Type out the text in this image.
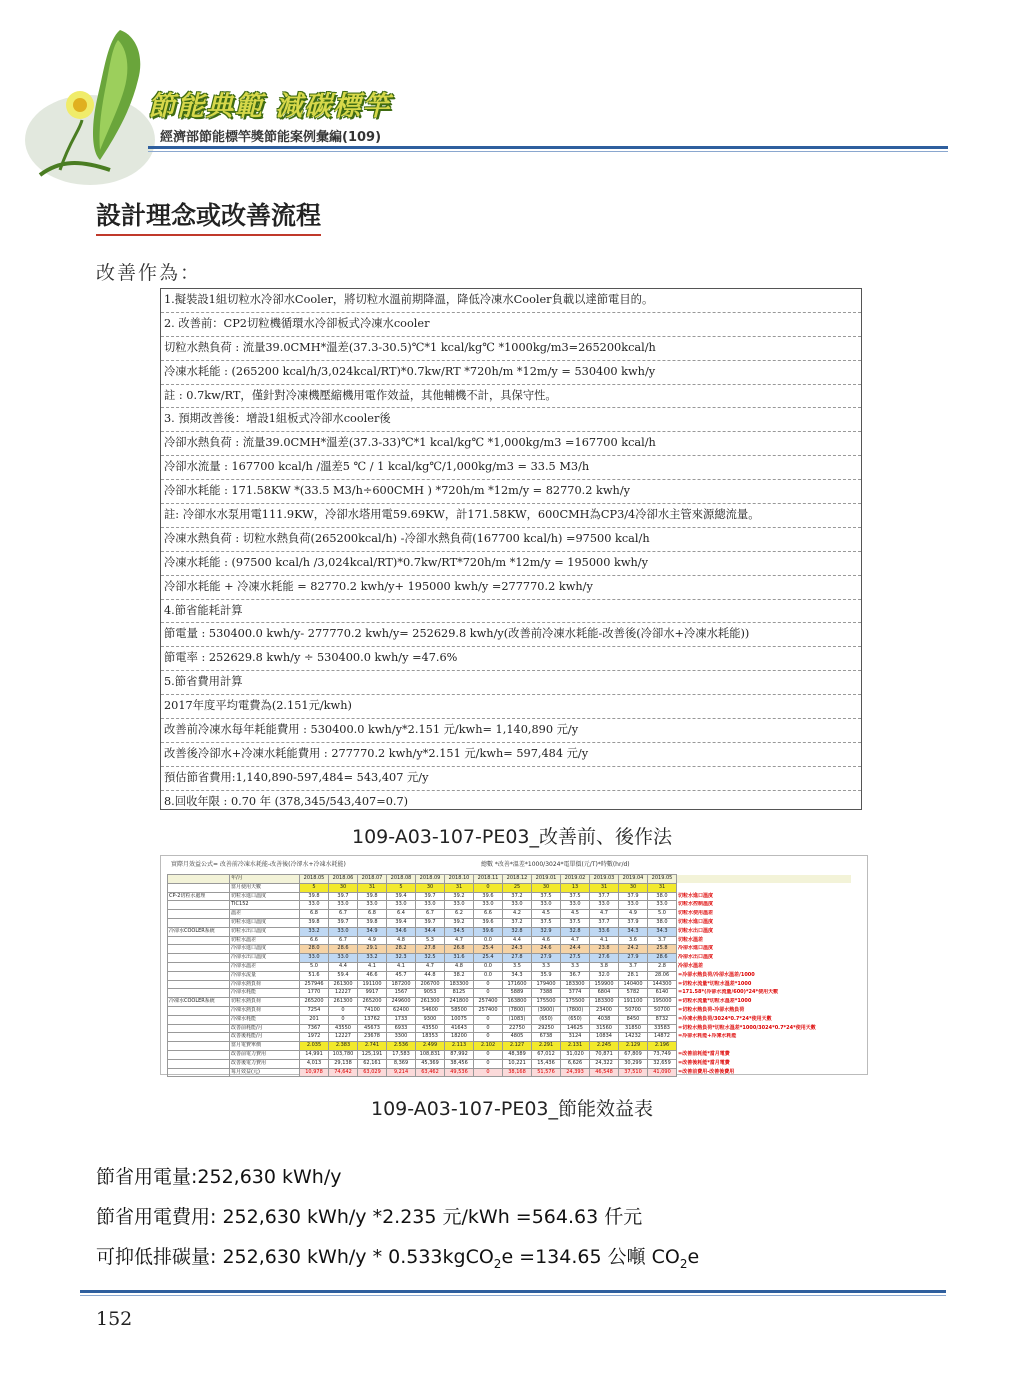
節能典範 減碳標竿
經濟部節能標竿獎節能案例彙編(109)
設計理念或改善流程
改善作為：
1.擬裝設1組切粒水冷卻水Cooler，將切粒水溫前期降溫，降低冷凍水Cooler負載以達節電目的。
2. 改善前：CP2切粒機循環水冷卻板式冷凍水cooler
切粒水熱負荷 : 流量39.0CMH*溫差(37.3-30.5)℃*1 kcal/kg℃ *1000kg/m3=265200kcal/h
冷凍水耗能 : (265200 kcal/h/3,024kcal/RT)*0.7kw/RT *720h/m *12m/y = 530400 kwh/y
註 : 0.7kw/RT，僅針對冷凍機壓縮機用電作效益，其他輔機不計，具保守性。
3. 預期改善後：增設1組板式冷卻水cooler後
冷卻水熱負荷 : 流量39.0CMH*溫差(37.3-33)℃*1 kcal/kg℃ *1,000kg/m3 =167700 kcal/h
冷卻水流量 : 167700 kcal/h /溫差5 ℃ / 1 kcal/kg℃/1,000kg/m3 = 33.5 M3/h
冷卻水耗能 : 171.58KW *(33.5 M3/h÷600CMH ) *720h/m *12m/y = 82770.2 kwh/y
註: 冷卻水水泵用電111.9KW，冷卻水塔用電59.69KW，計171.58KW，600CMH為CP3/4冷卻水主管來源總流量。
冷凍水熱負荷 : 切粒水熱負荷(265200kcal/h) -冷卻水熱負荷(167700 kcal/h) =97500 kcal/h
冷凍水耗能 : (97500 kcal/h /3,024kcal/RT)*0.7kw/RT*720h/m *12m/y = 195000 kwh/y
冷卻水耗能 + 冷凍水耗能 = 82770.2 kwh/y+ 195000 kwh/y =277770.2 kwh/y
4.節省能耗計算
節電量 : 530400.0 kwh/y- 277770.2 kwh/y= 252629.8 kwh/y(改善前冷凍水耗能-改善後(冷卻水+冷凍水耗能))
節電率 : 252629.8 kwh/y ÷ 530400.0 kwh/y =47.6%
5.節省費用計算
2017年度平均電費為(2.151元/kwh)
改善前冷凍水每年耗能費用 : 530400.0 kwh/y*2.151 元/kwh= 1,140,890 元/y
改善後冷卻水+冷凍水耗能費用 : 277770.2 kwh/y*2.151 元/kwh= 597,484 元/y
預估節省費用:1,140,890-597,484= 543,407 元/y
8.回收年限 : 0.70 年 (378,345/543,407=0.7)
109-A03-107-PE03_改善前、後作法
實際月效益公式= 改善前冷凍水耗能-改善後(冷卻水+冷凍水耗能)	總數 *改善*溫差*1000/3024*電單價(元/T)*時數(hr/d)
	年/月	2018.05	2018.06	2018.07	2018.08	2018.09	2018.10	2018.11	2018.12	2019.01	2019.02	2019.03	2019.04	2019.05	
	當月使用天數	5	30	31	5	30	31	0	25	30	13	31	30	31	
CP-2切粒水處理	切粒水進口溫度	39.8	39.7	39.8	39.4	39.7	39.2	39.6	37.2	37.5	37.5	37.7	37.9	38.0	切粒水進口溫度
	TIC152	33.0	33.0	33.0	33.0	33.0	33.0	33.0	33.0	33.0	33.0	33.0	33.0	33.0	切粒水控制溫度
	溫差	6.8	6.7	6.8	6.4	6.7	6.2	6.6	4.2	4.5	4.5	4.7	4.9	5.0	切粒水使用溫差
	切粒水進口溫度	39.8	39.7	39.8	39.4	39.7	39.2	39.6	37.2	37.5	37.5	37.7	37.9	38.0	切粒水進口溫度
冷卻水COOLER系統	切粒水出口溫度	33.2	33.0	34.9	34.6	34.4	34.5	39.6	32.8	32.9	32.8	33.6	34.3	34.3	切粒水出口溫度
	切粒水溫差	6.6	6.7	4.9	4.8	5.3	4.7	0.0	4.4	4.6	4.7	4.1	3.6	3.7	切粒水溫差
	冷卻水進口溫度	28.0	28.6	29.1	28.2	27.8	26.8	25.4	24.3	24.6	24.4	23.8	24.2	25.8	冷卻水進口溫度
	冷卻水出口溫度	33.0	33.0	33.2	32.3	32.5	31.6	25.4	27.8	27.9	27.5	27.6	27.9	28.6	冷卻水出口溫度
	冷卻水溫差	5.0	4.4	4.1	4.1	4.7	4.8	0.0	3.5	3.3	3.3	3.8	3.7	2.8	冷卻水溫差
	冷卻水流量	51.6	59.4	46.6	45.7	44.8	38.2	0.0	34.3	35.9	36.7	32.0	28.1	28.06	=冷卻水熱負荷/冷卻水溫差/1000
	冷卻水熱負荷	257946	261300	191100	187200	206700	183300	0	171600	179400	183300	159900	140400	144300	=切粒水流量*切粒水溫差*1000
	冷卻水耗能	1770	12227	9917	1567	9053	8125	0	5889	7388	3774	6804	5782	6140	=171.58*(冷卻水流量/600)*24*使用天數
冷凍水COOLER系統	切粒水熱負荷	265200	261300	265200	249600	261300	241800	257400	163800	175500	175500	183300	191100	195000	=切粒水流量*切粒水溫差*1000
	冷凍水熱負荷	7254	0	74100	62400	54600	58500	257400	(7800)	(3900)	(7800)	23400	50700	50700	=切粒水熱負荷-冷卻水熱負荷
	冷凍水耗能	201	0	13762	1733	9300	10075	0	(1083)	(650)	(650)	4038	8450	8732	=冷凍水熱負荷/3024*0.7*24*使用天數
	改善前耗能/月	7367	43550	45673	6933	43550	41643	0	22750	29250	14625	31560	31850	33583	=切粒水熱負荷*切粒水溫差*1000/3024*0.7*24*使用天數
	改善後耗能/月	1972	12227	23678	3300	18353	18200	0	4805	6738	3124	10834	14232	14872	=冷卻水耗能+冷凍水耗能
	當月電費單價	2.035	2.383	2.741	2.536	2.499	2.113	2.102	2.127	2.291	2.131	2.245	2.129	2.196	
	改善前電力費用	14,991	103,780	125,191	17,583	108,831	87,992	0	48,389	67,012	31,020	70,871	67,809	73,749	=改善前耗能*當月電費
	改善後電力費用	4,013	29,138	62,161	8,369	45,369	38,456	0	10,221	15,436	6,626	24,322	30,299	32,659	=改善後耗能*當月電費
	每月效益(元)	10,978	74,642	63,029	9,214	63,462	49,536	0	38,168	51,576	24,393	46,548	37,510	41,090	=改善前費用-改善後費用
109-A03-107-PE03_節能效益表
節省用電量:252,630 kWh/y
節省用電費用: 252,630 kWh/y *2.235 元/kWh =564.63 仟元
可抑低排碳量: 252,630 kWh/y * 0.533kgCO$_2$e =134.65 公噸 $CO_2e$
152
